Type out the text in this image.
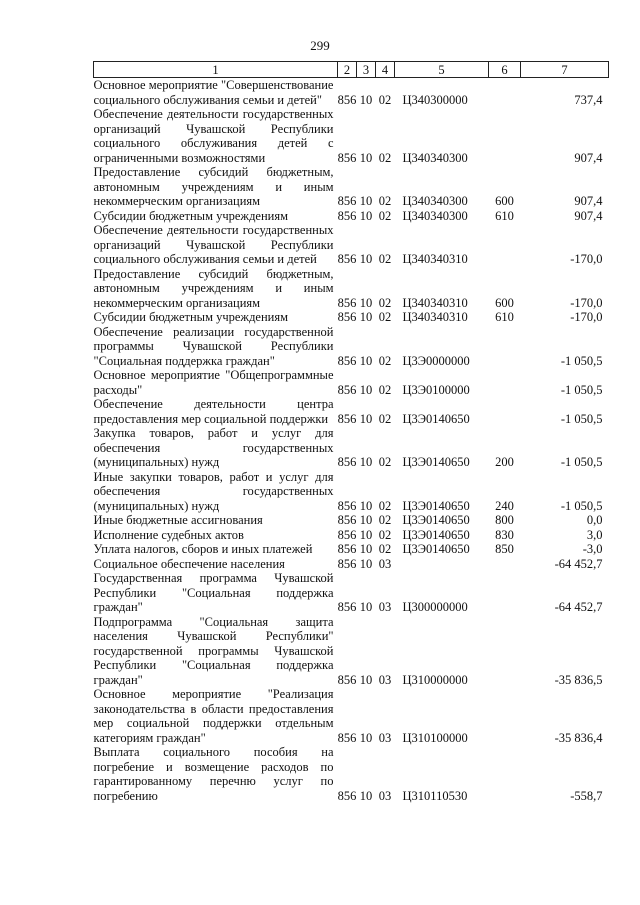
299
1	2	3	4	5	6	7
Основное мероприятие "Совершенствование социального обслуживания семьи и детей"	856	10	02	Ц340300000		737,4
Обеспечение деятельности государственных организаций Чувашской Республики социального обслуживания детей с ограниченными возможностями	856	10	02	Ц340340300		907,4
Предоставление субсидий бюджетным, автономным учреждениям и иным некоммерческим организациям	856	10	02	Ц340340300	600	907,4
Субсидии бюджетным учреждениям	856	10	02	Ц340340300	610	907,4
Обеспечение деятельности государственных организаций Чувашской Республики социального обслуживания семьи и детей	856	10	02	Ц340340310		-170,0
Предоставление субсидий бюджетным, автономным учреждениям и иным некоммерческим организациям	856	10	02	Ц340340310	600	-170,0
Субсидии бюджетным учреждениям	856	10	02	Ц340340310	610	-170,0
Обеспечение реализации государственной программы Чувашской Республики "Социальная поддержка граждан"	856	10	02	Ц3Э0000000		-1 050,5
Основное мероприятие "Общепрограммные расходы"	856	10	02	Ц3Э0100000		-1 050,5
Обеспечение деятельности центра предоставления мер социальной поддержки	856	10	02	Ц3Э0140650		-1 050,5
Закупка товаров, работ и услуг для обеспечения государственных (муниципальных) нужд	856	10	02	Ц3Э0140650	200	-1 050,5
Иные закупки товаров, работ и услуг для обеспечения государственных (муниципальных) нужд	856	10	02	Ц3Э0140650	240	-1 050,5
Иные бюджетные ассигнования	856	10	02	Ц3Э0140650	800	0,0
Исполнение судебных актов	856	10	02	Ц3Э0140650	830	3,0
Уплата налогов, сборов и иных платежей	856	10	02	Ц3Э0140650	850	-3,0
Социальное обеспечение населения	856	10	03			-64 452,7
Государственная программа Чувашской Республики "Социальная поддержка граждан"	856	10	03	Ц300000000		-64 452,7
Подпрограмма "Социальная защита населения Чувашской Республики" государственной программы Чувашской Республики "Социальная поддержка граждан"	856	10	03	Ц310000000		-35 836,5
Основное мероприятие "Реализация законодательства в области предоставления мер социальной поддержки отдельным категориям граждан"	856	10	03	Ц310100000		-35 836,4
Выплата социального пособия на погребение и возмещение расходов по гарантированному перечню услуг по погребению	856	10	03	Ц310110530		-558,7
